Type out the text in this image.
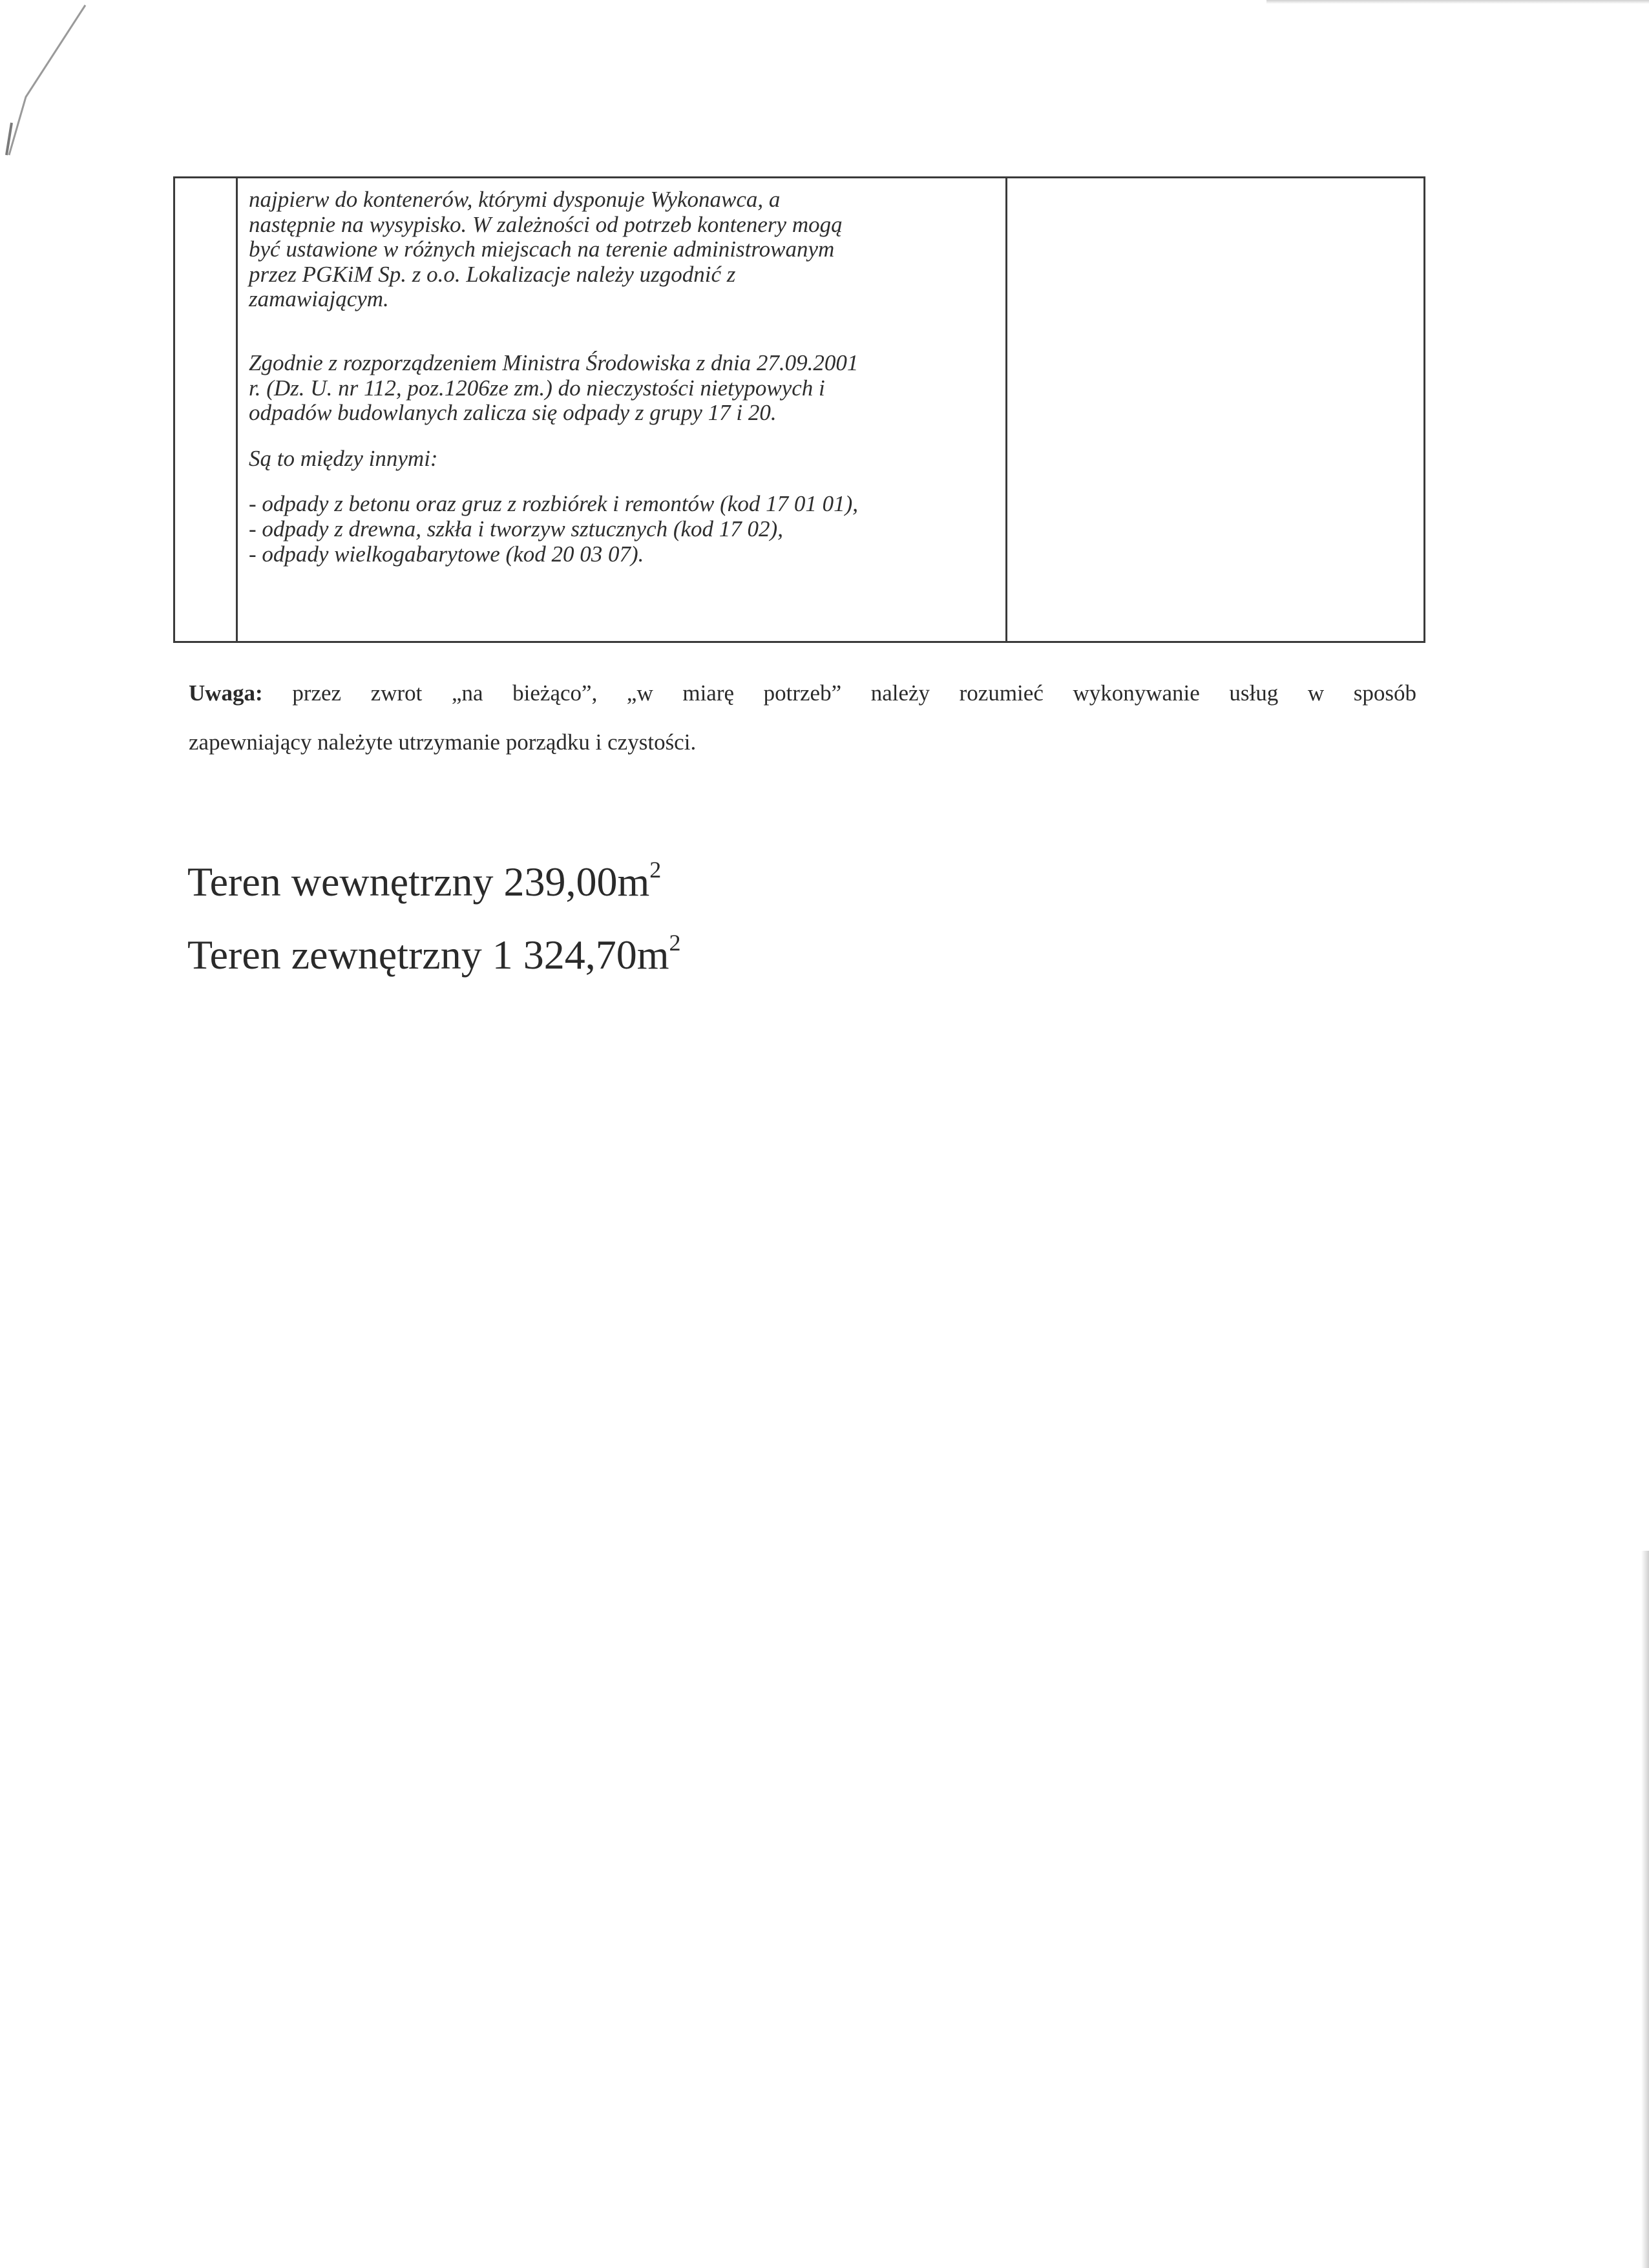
najpierw do kontenerów, którymi dysponuje Wykonawca, a
następnie na wysypisko. W zależności od potrzeb kontenery mogą
być ustawione w różnych miejscach na terenie administrowanym
przez PGKiM Sp. z o.o. Lokalizacje należy uzgodnić z
zamawiającym.

Zgodnie z rozporządzeniem Ministra Środowiska z dnia 27.09.2001
r. (Dz. U. nr 112, poz.1206ze zm.) do nieczystości nietypowych i
odpadów budowlanych zalicza się odpady z grupy 17 i 20.

Są to między innymi:

- odpady z betonu oraz gruz z rozbiórek i remontów (kod 17 01 01),
- odpady z drewna, szkła i tworzyw sztucznych (kod 17 02),
- odpady wielkogabarytowe (kod 20 03 07).

Uwaga: przez zwrot „na bieżąco”, „w miarę potrzeb” należy rozumieć wykonywanie usług w sposób
zapewniający należyte utrzymanie porządku i czystości.
Teren wewnętrzny $239,00m^2$
Teren zewnętrzny 1 $324,70m^2$
